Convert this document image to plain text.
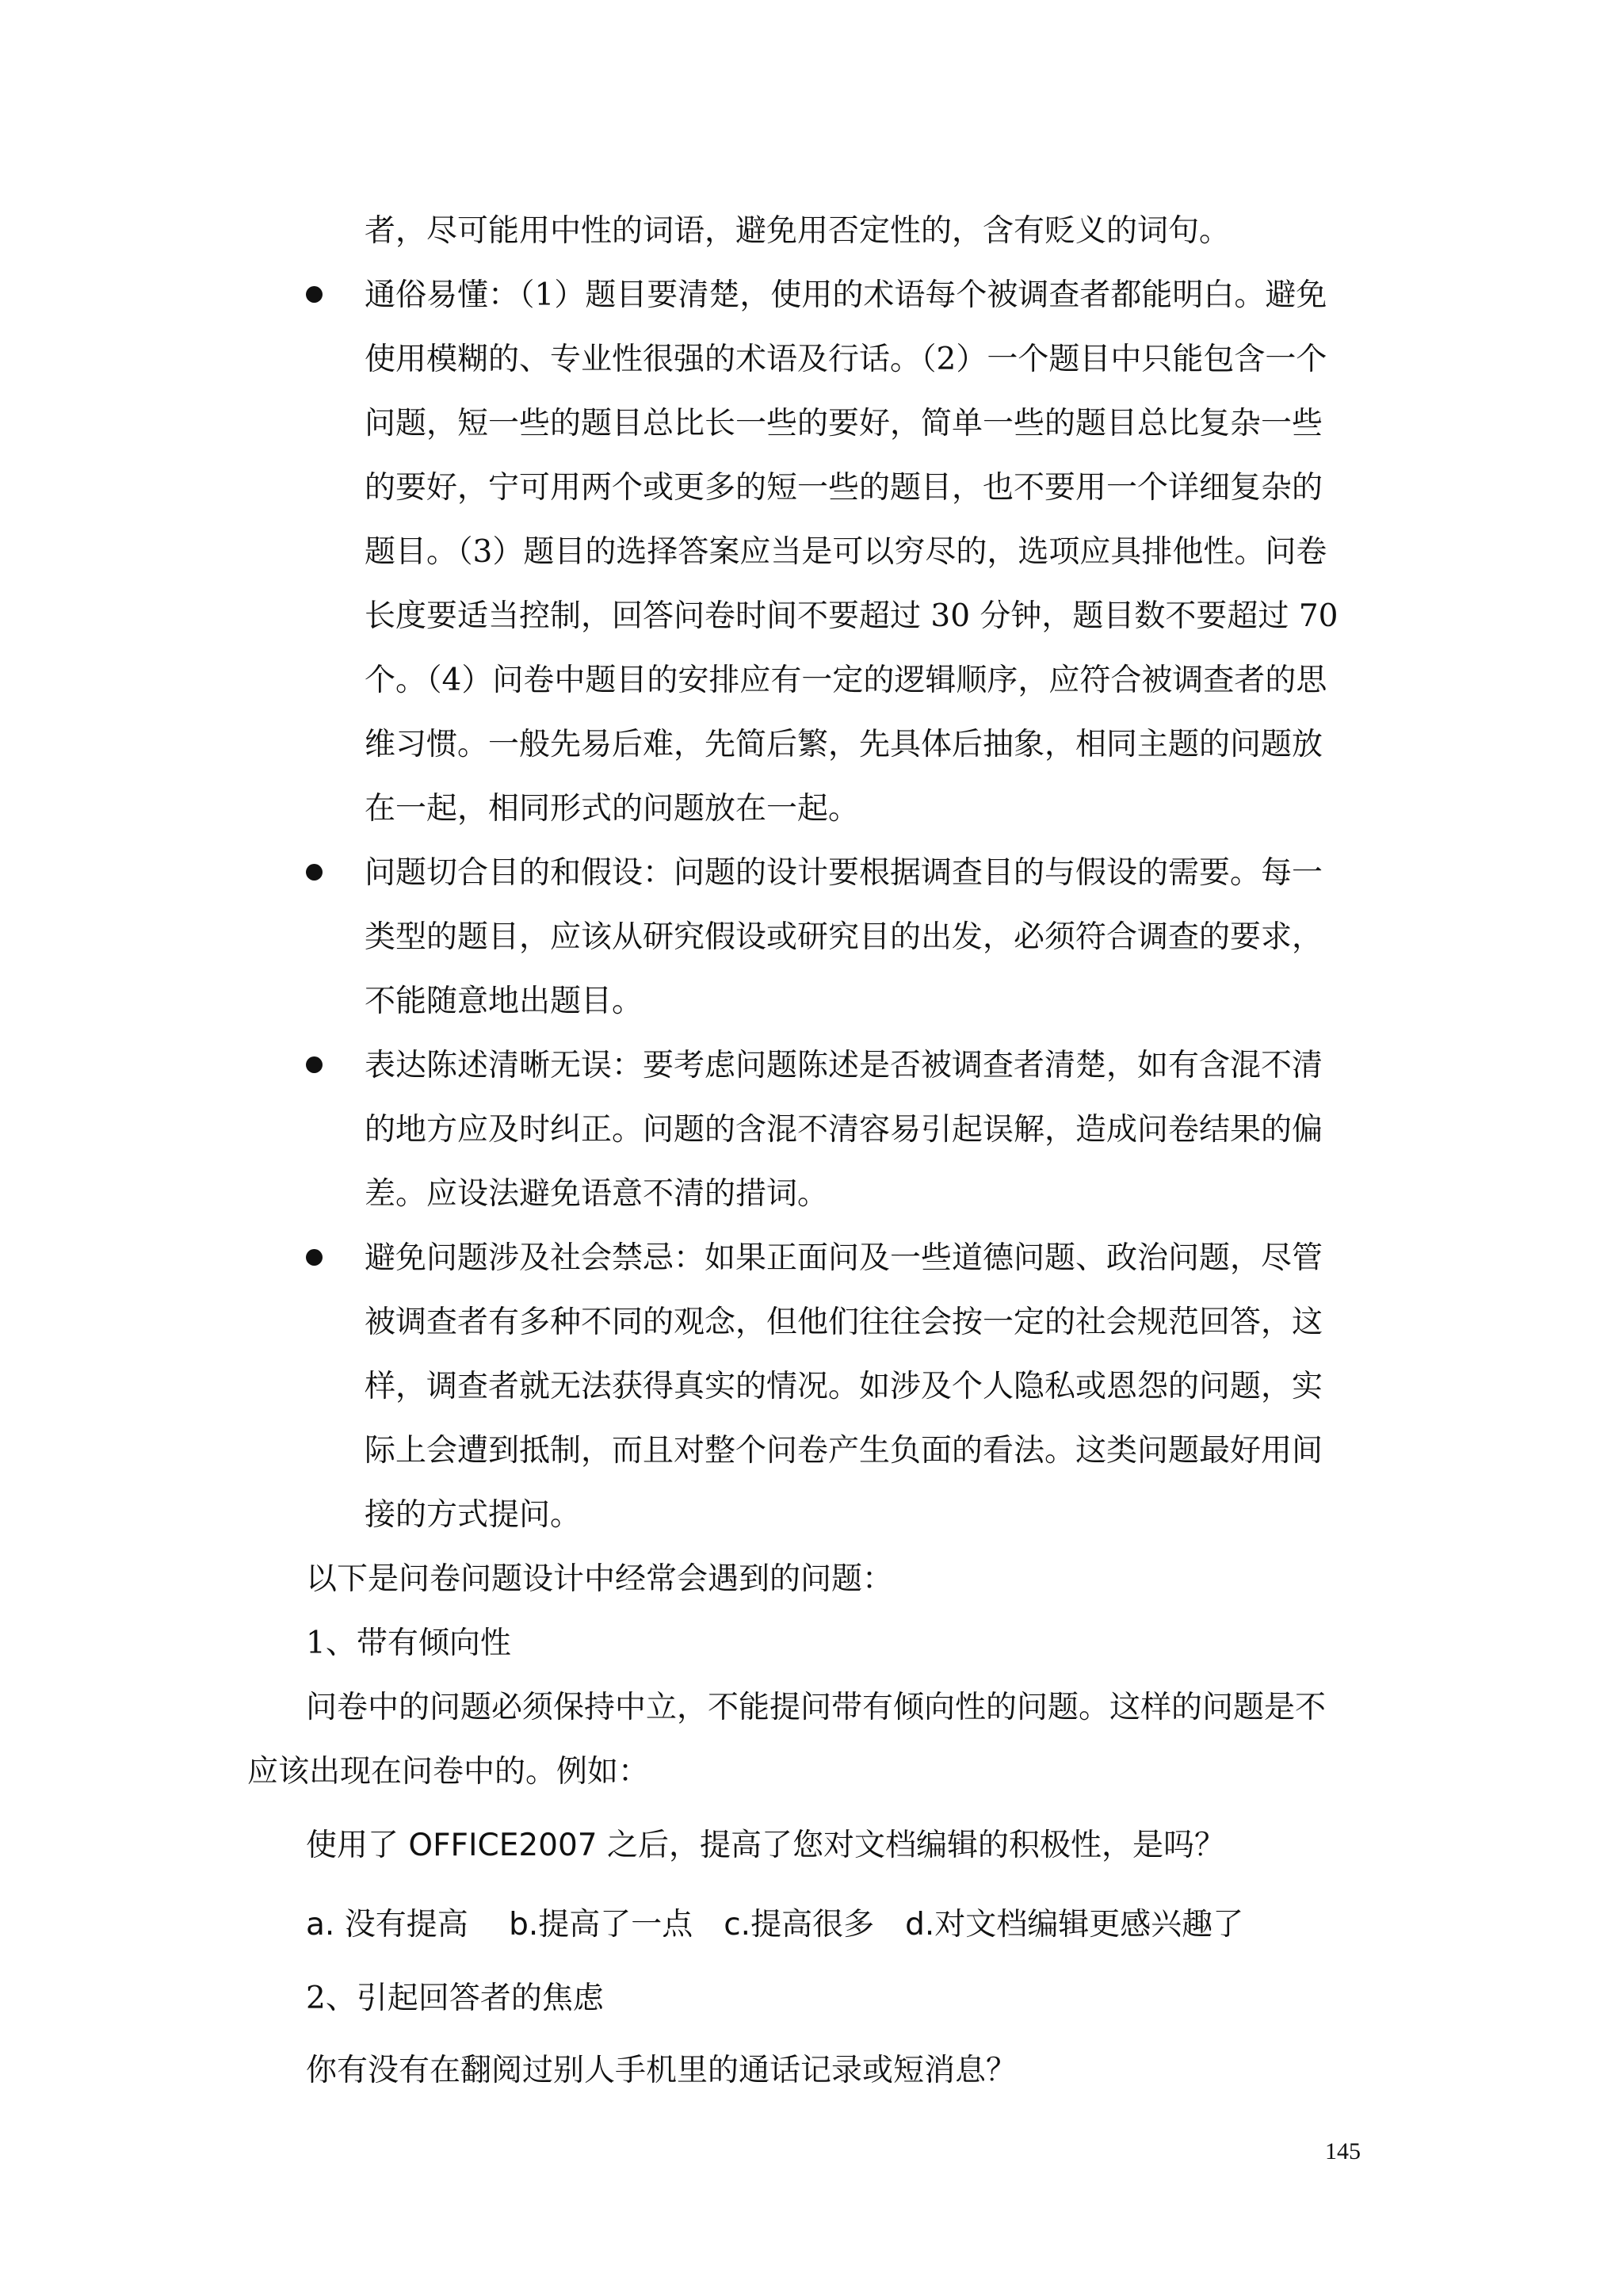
者，尽可能用中性的词语，避免用否定性的，含有贬义的词句。
通俗易懂：（1）题目要清楚，使用的术语每个被调查者都能明白。避免
使用模糊的、专业性很强的术语及行话。（2）一个题目中只能包含一个
问题，短一些的题目总比长一些的要好，简单一些的题目总比复杂一些
的要好，宁可用两个或更多的短一些的题目，也不要用一个详细复杂的
题目。（3）题目的选择答案应当是可以穷尽的，选项应具排他性。问卷
长度要适当控制，回答问卷时间不要超过 30 分钟，题目数不要超过 70
个。（4）问卷中题目的安排应有一定的逻辑顺序，应符合被调查者的思
维习惯。一般先易后难，先简后繁，先具体后抽象，相同主题的问题放
在一起，相同形式的问题放在一起。
问题切合目的和假设：问题的设计要根据调查目的与假设的需要。每一
类型的题目，应该从研究假设或研究目的出发，必须符合调查的要求，
不能随意地出题目。
表达陈述清晰无误：要考虑问题陈述是否被调查者清楚，如有含混不清
的地方应及时纠正。问题的含混不清容易引起误解，造成问卷结果的偏
差。应设法避免语意不清的措词。
避免问题涉及社会禁忌：如果正面问及一些道德问题、政治问题，尽管
被调查者有多种不同的观念，但他们往往会按一定的社会规范回答，这
样，调查者就无法获得真实的情况。如涉及个人隐私或恩怨的问题，实
际上会遭到抵制，而且对整个问卷产生负面的看法。这类问题最好用间
接的方式提问。
以下是问卷问题设计中经常会遇到的问题：
1、带有倾向性
问卷中的问题必须保持中立，不能提问带有倾向性的问题。这样的问题是不
应该出现在问卷中的。例如：
使用了 OFFICE2007 之后，提高了您对文档编辑的积极性，是吗？
a. 没有提高　 b.提高了一点　c.提高很多　d.对文档编辑更感兴趣了
2、引起回答者的焦虑
你有没有在翻阅过别人手机里的通话记录或短消息？
145
